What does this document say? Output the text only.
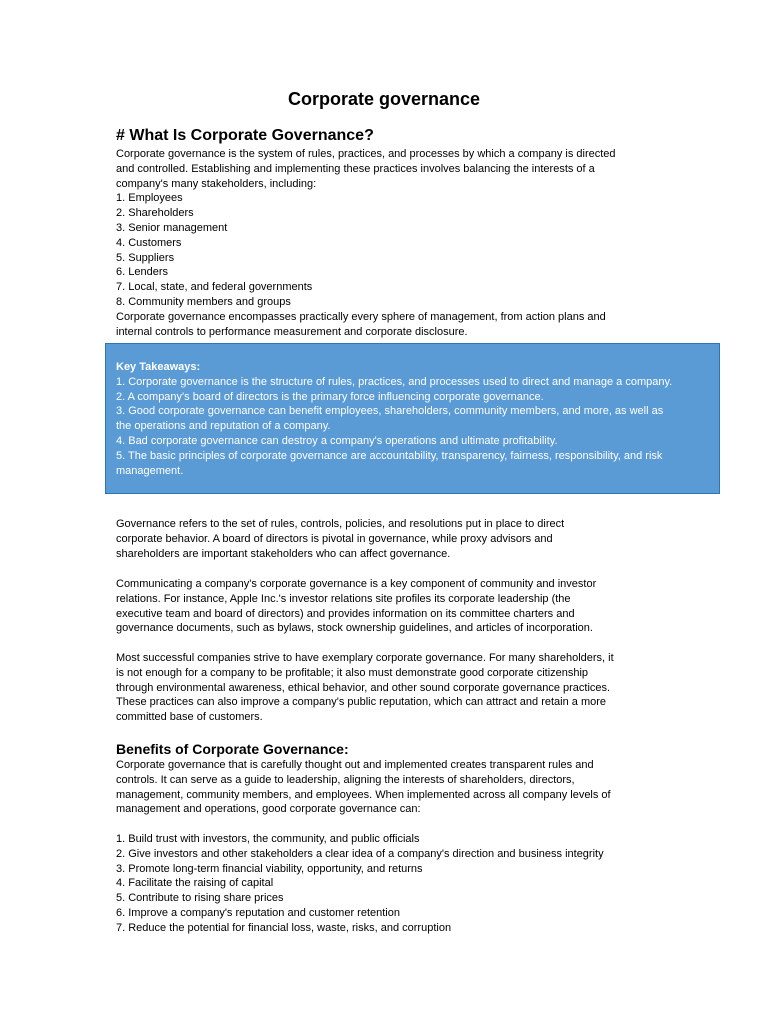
Corporate governance
# What Is Corporate Governance?
Corporate governance is the system of rules, practices, and processes by which a company is directed
and controlled. Establishing and implementing these practices involves balancing the interests of a
company's many stakeholders, including:
1. Employees
2. Shareholders
3. Senior management
4. Customers
5. Suppliers
6. Lenders
7. Local, state, and federal governments
8. Community members and groups
Corporate governance encompasses practically every sphere of management, from action plans and
internal controls to performance measurement and corporate disclosure.
Key Takeaways:
1. Corporate governance is the structure of rules, practices, and processes used to direct and manage a company.
2. A company's board of directors is the primary force influencing corporate governance.
3. Good corporate governance can benefit employees, shareholders, community members, and more, as well as
the operations and reputation of a company.
4. Bad corporate governance can destroy a company's operations and ultimate profitability.
5. The basic principles of corporate governance are accountability, transparency, fairness, responsibility, and risk
management.
Governance refers to the set of rules, controls, policies, and resolutions put in place to direct
corporate behavior. A board of directors is pivotal in governance, while proxy advisors and
shareholders are important stakeholders who can affect governance.
Communicating a company's corporate governance is a key component of community and investor
relations. For instance, Apple Inc.'s investor relations site profiles its corporate leadership (the
executive team and board of directors) and provides information on its committee charters and
governance documents, such as bylaws, stock ownership guidelines, and articles of incorporation.
Most successful companies strive to have exemplary corporate governance. For many shareholders, it
is not enough for a company to be profitable; it also must demonstrate good corporate citizenship
through environmental awareness, ethical behavior, and other sound corporate governance practices.
These practices can also improve a company's public reputation, which can attract and retain a more
committed base of customers.
Benefits of Corporate Governance:
Corporate governance that is carefully thought out and implemented creates transparent rules and
controls. It can serve as a guide to leadership, aligning the interests of shareholders, directors,
management, community members, and employees. When implemented across all company levels of
management and operations, good corporate governance can:
1. Build trust with investors, the community, and public officials
2. Give investors and other stakeholders a clear idea of a company's direction and business integrity
3. Promote long-term financial viability, opportunity, and returns
4. Facilitate the raising of capital
5. Contribute to rising share prices
6. Improve a company's reputation and customer retention
7. Reduce the potential for financial loss, waste, risks, and corruption
